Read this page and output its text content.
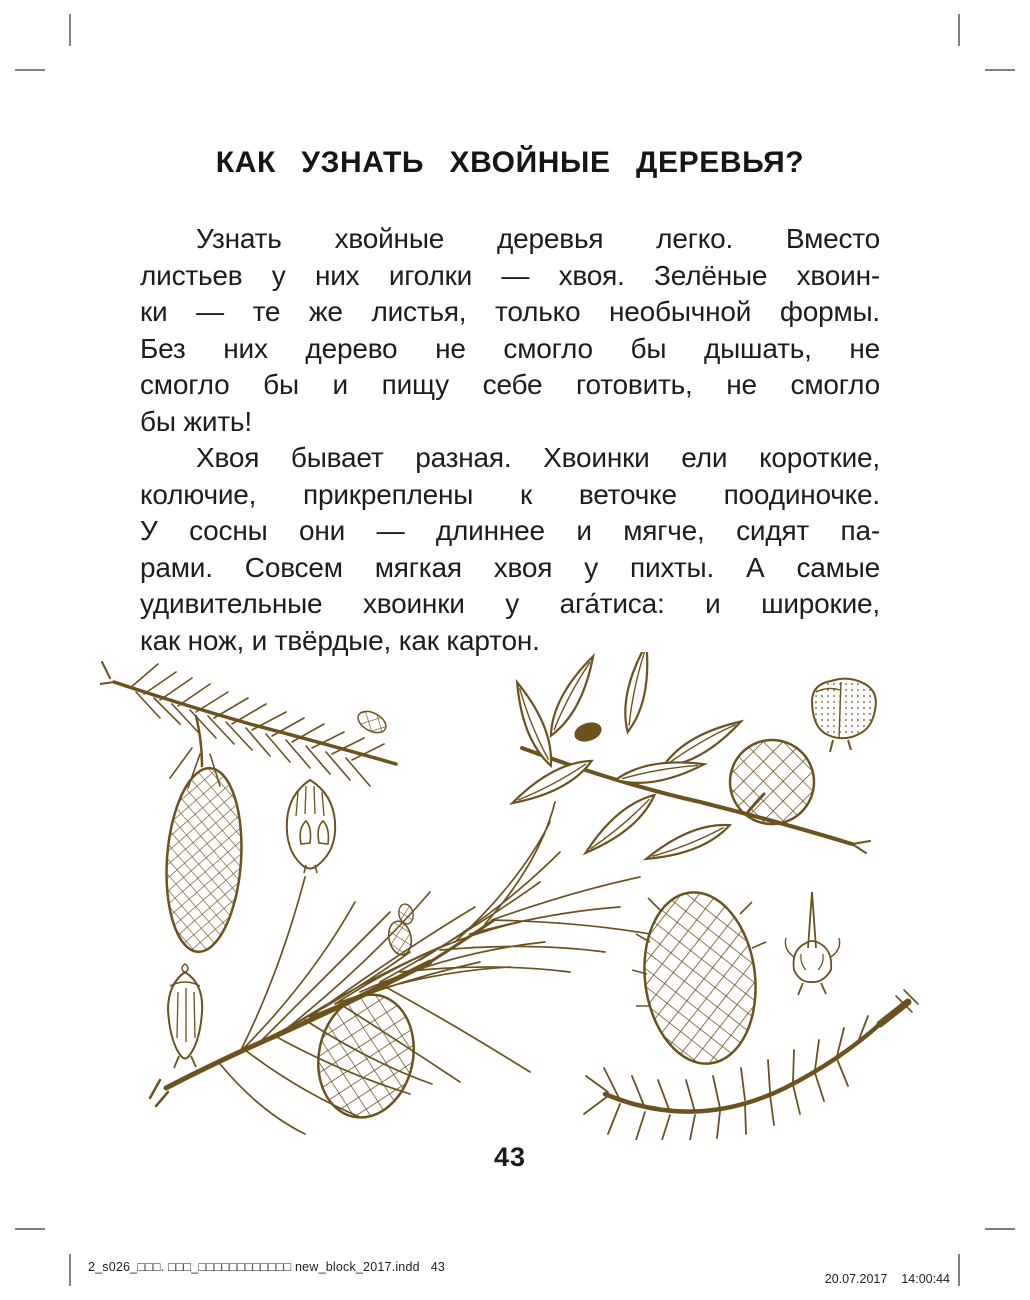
КАК УЗНАТЬ ХВОЙНЫЕ ДЕРЕВЬЯ?
Узнать хвойные деревья легко. Вместо
листьев у них иголки — хвоя. Зелёные хвоин-
ки — те же листья, только необычной формы.
Без них дерево не смогло бы дышать, не
смогло бы и пищу себе готовить, не смогло
бы жить!
Хвоя бывает разная. Хвоинки ели короткие,
колючие, прикреплены к веточке поодиночке.
У сосны они — длиннее и мягче, сидят па-
рами. Совсем мягкая хвоя у пихты. А самые
удивительные хвоинки у ага́тиса: и широкие,
как нож, и твёрдые, как картон.
43
2_s026_□□□. □□□_□□□□□□□□□□□□ new_block_2017.indd   43

20.07.2017 14:00:44
